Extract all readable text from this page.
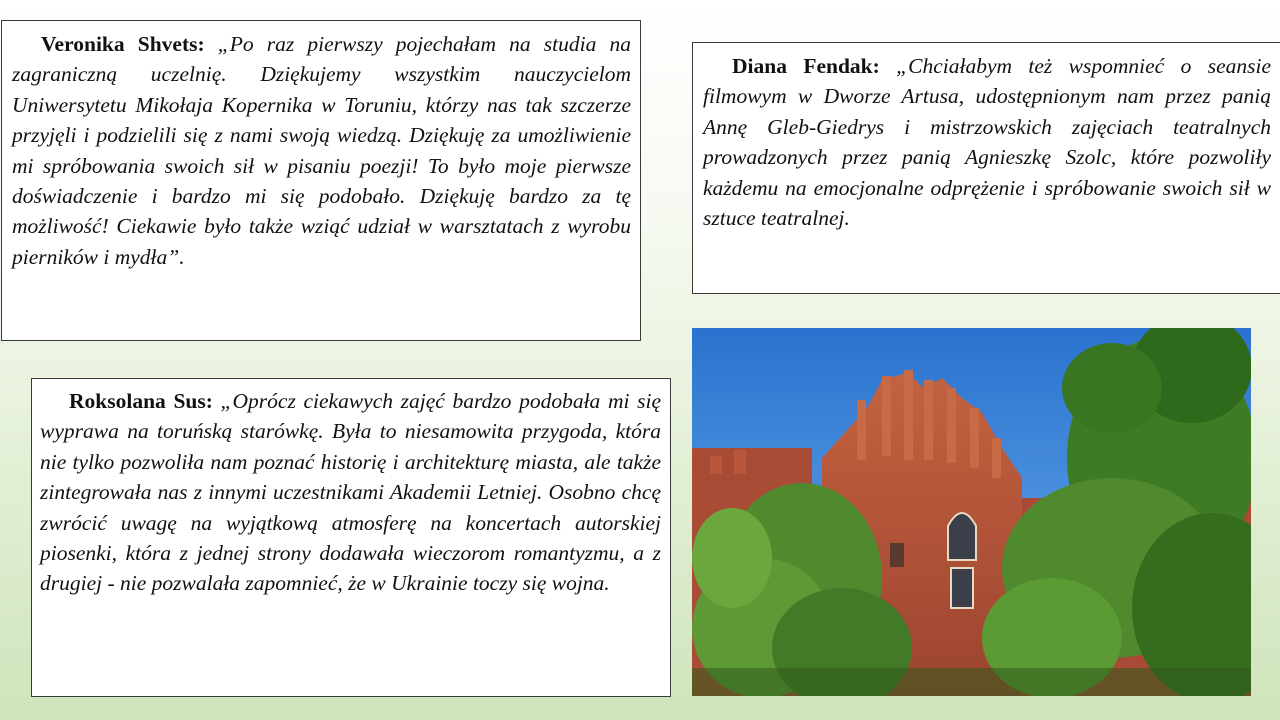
Veronika Shvets: „Po raz pierwszy pojechałam na studia na zagraniczną uczelnię. Dziękujemy wszystkim nauczycielom Uniwersytetu Mikołaja Kopernika w Toruniu, którzy nas tak szczerze przyjęli i podzielili się z nami swoją wiedzą. Dziękuję za umożliwienie mi spróbowania swoich sił w pisaniu poezji! To było moje pierwsze doświadczenie i bardzo mi się podobało. Dziękuję bardzo za tę możliwość! Ciekawie było także wziąć udział w warsztatach z wyrobu pierników i mydła”.

Diana Fendak: „Chciałabym też wspomnieć o seansie filmowym w Dworze Artusa, udostępnionym nam przez panią Annę Gleb-Giedrys i mistrzowskich zajęciach teatralnych prowadzonych przez panią Agnieszkę Szolc, które pozwoliły każdemu na emocjonalne odprężenie i spróbowanie swoich sił w sztuce teatralnej.

Roksolana Sus: „Oprócz ciekawych zajęć bardzo podobała mi się wyprawa na toruńską starówkę. Była to niesamowita przygoda, która nie tylko pozwoliła nam poznać historię i architekturę miasta, ale także zintegrowała nas z innymi uczestnikami Akademii Letniej. Osobno chcę zwrócić uwagę na wyjątkową atmosferę na koncertach autorskiej piosenki, która z jednej strony dodawała wieczorom romantyzmu, a z drugiej - nie pozwalała zapomnieć, że w Ukrainie toczy się wojna.
